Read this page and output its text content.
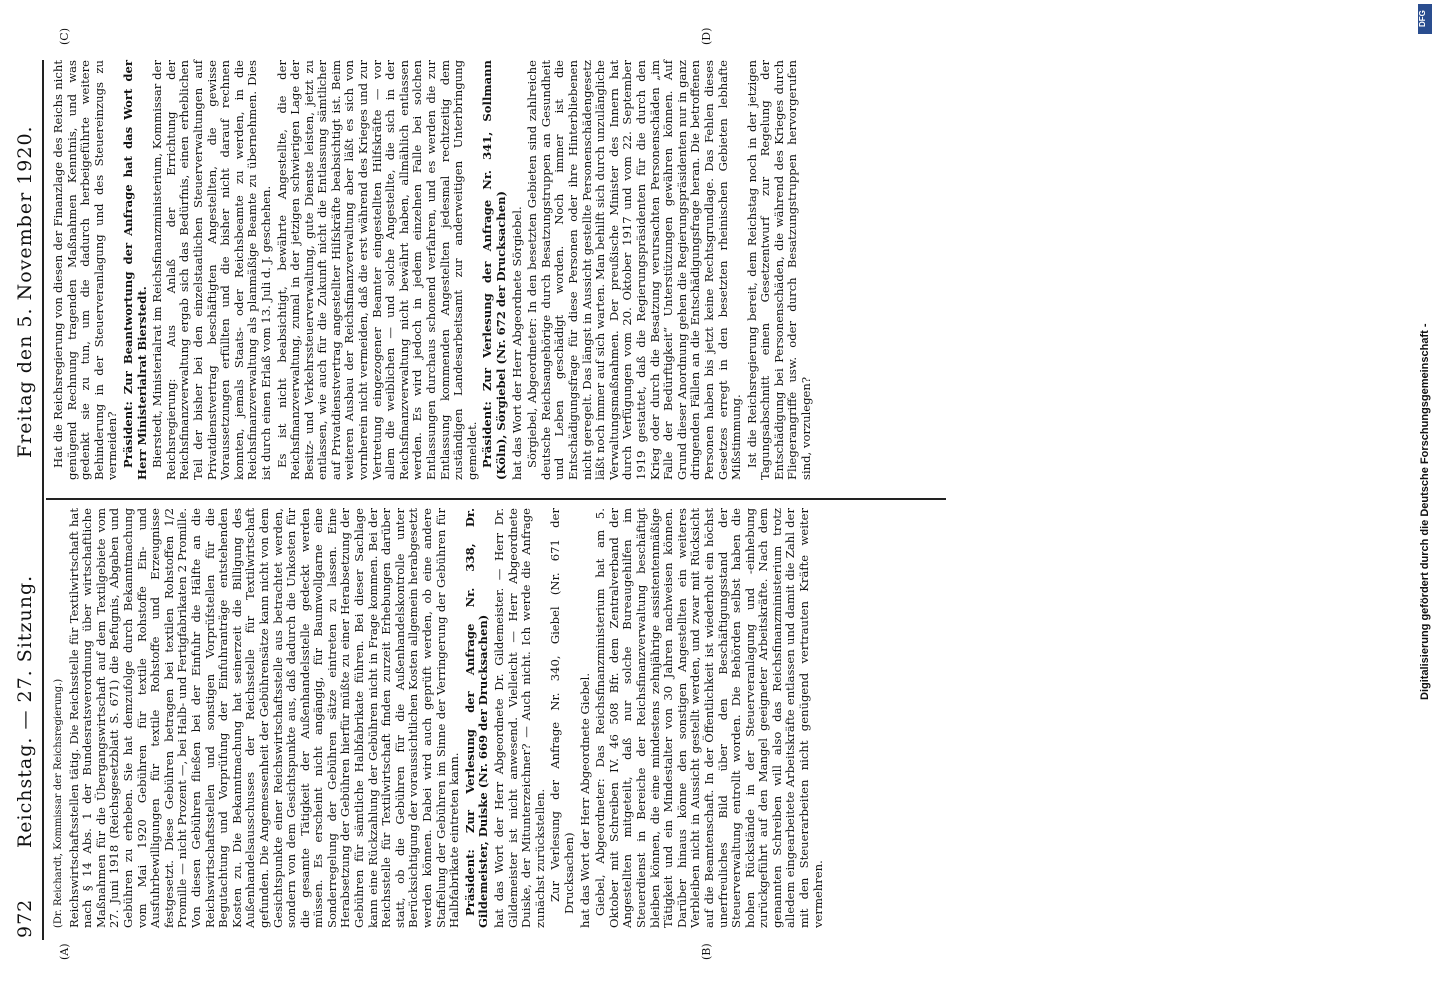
972
Reichstag. — 27. Sitzung.
Freitag den 5. November 1920.
(A)	(B)
(C)	(D)

(Dr. Reichardt, Kommissar der Reichsregierung.) Reichswirtschaftsstellen tätig. Die Reichsstelle für Textilwirtschaft hat nach § 14 Abs. 1 der Bundesratsverordnung über wirtschaftliche Maßnahmen für die Übergangswirtschaft auf dem Textilgebiete vom 27. Juni 1918 (Reichsgesetzblatt S. 671) die Befugnis, Abgaben und Gebühren zu erheben. Sie hat demzufolge durch Bekanntmachung vom Mai 1920 Gebühren für textile Rohstoffe Ein- und Ausfuhrbewilligungen für textile Rohstoffe und Erzeugnisse festgesetzt. Diese Gebühren betragen bei textilen Rohstoffen 1/2 Promille — nicht Prozent —, bei Halb- und Fertigfabrikaten 2 Promille. Von diesen Gebühren fließen bei der Einfuhr die Hälfte an die Reichswirtschaftsstellen und sonstigen Vorprüfstellen für die Begutachtung und Vorprüfung der Einfuhranträge entstehenden Kosten zu. Die Bekanntmachung hat seinerzeit die Billigung des Außenhandelsausschusses der Reichsstelle für Textilwirtschaft gefunden. Die Angemessenheit der Gebührensätze kann nicht von dem Gesichtspunkte einer Reichswirtschaftsstelle aus betrachtet werden, sondern von dem Gesichtspunkte aus, daß dadurch die Unkosten für die gesamte Tätigkeit der Außenhandelsstelle gedeckt werden müssen. Es erscheint nicht angängig, für Baumwollgarne eine Sonderregelung der Gebühren sätze eintreten zu lassen. Eine Herabsetzung der Gebühren hierfür müßte zu einer Herabsetzung der Gebühren für sämtliche Halbfabrikate führen. Bei dieser Sachlage kann eine Rückzahlung der Gebühren nicht in Frage kommen. Bei der Reichsstelle für Textilwirtschaft finden zurzeit Erhebungen darüber statt, ob die Gebühren für die Außenhandelskontrolle unter Berücksichtigung der voraussichtlichen Kosten allgemein herabgesetzt werden können. Dabei wird auch geprüft werden, ob eine andere Staffelung der Gebühren im Sinne der Verringerung der Gebühren für Halbfabrikate eintreten kann. Präsident: Zur Verlesung der Anfrage Nr. 338, Dr. Gildemeister, Duiske (Nr. 669 der Drucksachen) hat das Wort der Herr Abgeordnete Dr. Gildemeister. — Herr Dr. Gildemeister ist nicht anwesend. Vielleicht — Herr Abgeordnete Duiske, der Mitunterzeichner? — Auch nicht. Ich werde die Anfrage zunächst zurückstellen. Zur Verlesung der Anfrage Nr. 340, Giebel (Nr. 671 der Drucksachen) hat das Wort der Herr Abgeordnete Giebel. Giebel, Abgeordneter: Das Reichsfinanzministerium hat am 5. Oktober mit Schreiben IV. 46 508 Bfr. dem Zentralverband der Angestellten mitgeteilt, daß nur solche Bureaugehilfen im Steuerdienst in Bereiche der Reichsfinanzverwaltung beschäftigt bleiben können, die eine mindestens zehnjährige assistentenmäßige Tätigkeit und ein Mindestalter von 30 Jahren nachweisen können. Darüber hinaus könne den sonstigen Angestellten ein weiteres Verbleiben nicht in Aussicht gestellt werden, und zwar mit Rücksicht auf die Beamtenschaft. In der Öffentlichkeit ist wiederholt ein höchst unerfreuliches Bild über den Beschäftigungsstand der Steuerverwaltung entrollt worden. Die Behörden selbst haben die hohen Rückstände in der Steuerveranlagung und -einhebung zurückgeführt auf den Mangel geeigneter Arbeitskräfte. Nach dem genannten Schreiben will also das Reichsfinanzministerium trotz alledem eingearbeitete Arbeitskräfte entlassen und damit die Zahl der mit den Steuerarbeiten nicht genügend vertrauten Kräfte weiter vermehren.

Hat die Reichsregierung von diesen der Finanzlage des Reichs nicht genügend Rechnung tragenden Maßnahmen Kenntnis, und was gedenkt sie zu tun, um die dadurch herbeigeführte weitere Behinderung in der Steuerveranlagung und des Steuereinzugs zu vermeiden? Präsident: Zur Beantwortung der Anfrage hat das Wort der Herr Ministerialrat Bierstedt. Bierstedt, Ministerialrat im Reichsfinanzministerium, Kommissar der Reichsregierung: Aus Anlaß der Errichtung der Reichsfinanzverwaltung ergab sich das Bedürfnis, einen erheblichen Teil der bisher bei den einzelstaatlichen Steuerverwaltungen auf Privatdienstvertrag beschäftigten Angestellten, die gewisse Voraussetzungen erfüllten und die bisher nicht darauf rechnen konnten, jemals Staats- oder Reichsbeamte zu werden, in die Reichsfinanzverwaltung als planmäßige Beamte zu übernehmen. Dies ist durch einen Erlaß vom 13. Juli d. J. geschehen. Es ist nicht beabsichtigt, bewährte Angestellte, die der Reichsfinanzverwaltung, zumal in der jetzigen schwierigen Lage der Besitz- und Verkehrssteuerverwaltung, gute Dienste leisten, jetzt zu entlassen, wie auch für die Zukunft nicht die Entlassung sämtlicher auf Privatdienstvertrag angestellter Hilfskräfte beabsichtigt ist. Beim weiteren Ausbau der Reichsfinanzverwaltung aber läßt es sich von vornherein nicht vermeiden, daß die erst während des Krieges und zur Vertretung eingezogener Beamter eingestellten Hilfskräfte — vor allem die weiblichen — und solche Angestellte, die sich in der Reichsfinanzverwaltung nicht bewährt haben, allmählich entlassen werden. Es wird jedoch in jedem einzelnen Falle bei solchen Entlassungen durchaus schonend verfahren, und es werden die zur Entlassung kommenden Angestellten jedesmal rechtzeitig dem zuständigen Landesarbeitsamt zur anderweitigen Unterbringung gemeldet. Präsident: Zur Verlesung der Anfrage Nr. 341, Sollmann (Köln), Sörgiebel (Nr. 672 der Drucksachen) hat das Wort der Herr Abgeordnete Sörgiebel. Sörgiebel, Abgeordneter: In den besetzten Gebieten sind zahlreiche deutsche Reichsangehörige durch Besatzungstruppen an Gesundheit und Leben geschädigt worden. Noch immer ist die Entschädigungsfrage für diese Personen oder ihre Hinterbliebenen nicht geregelt. Das längst in Aussicht gestellte Personenschädengesetz läßt noch immer auf sich warten. Man behilft sich durch unzulängliche Verwaltungsmaßnahmen. Der preußische Minister des Innern hat durch Verfügungen vom 20. Oktober 1917 und vom 22. September 1919 gestattet, daß die Regierungspräsidenten für die durch den Krieg oder durch die Besatzung verursachten Personenschäden „im Falle der Bedürftigkeit“ Unterstützungen gewähren können. Auf Grund dieser Anordnung gehen die Regierungspräsidenten nur in ganz dringenden Fällen an die Entschädigungsfrage heran. Die betroffenen Personen haben bis jetzt keine Rechtsgrundlage. Das Fehlen dieses Gesetzes erregt in den besetzten rheinischen Gebieten lebhafte Mißstimmung. Ist die Reichsregierung bereit, dem Reichstag noch in der jetzigen Tagungsabschnitt einen Gesetzentwurf zur Regelung der Entschädigung bei Personenschäden, die während des Krieges durch Fliegerangriffe usw. oder durch Besatzungstruppen hervorgerufen sind, vorzulegen?	Digitalisierung gefördert durch die Deutsche Forschungsgemeinschaft -
DFG
